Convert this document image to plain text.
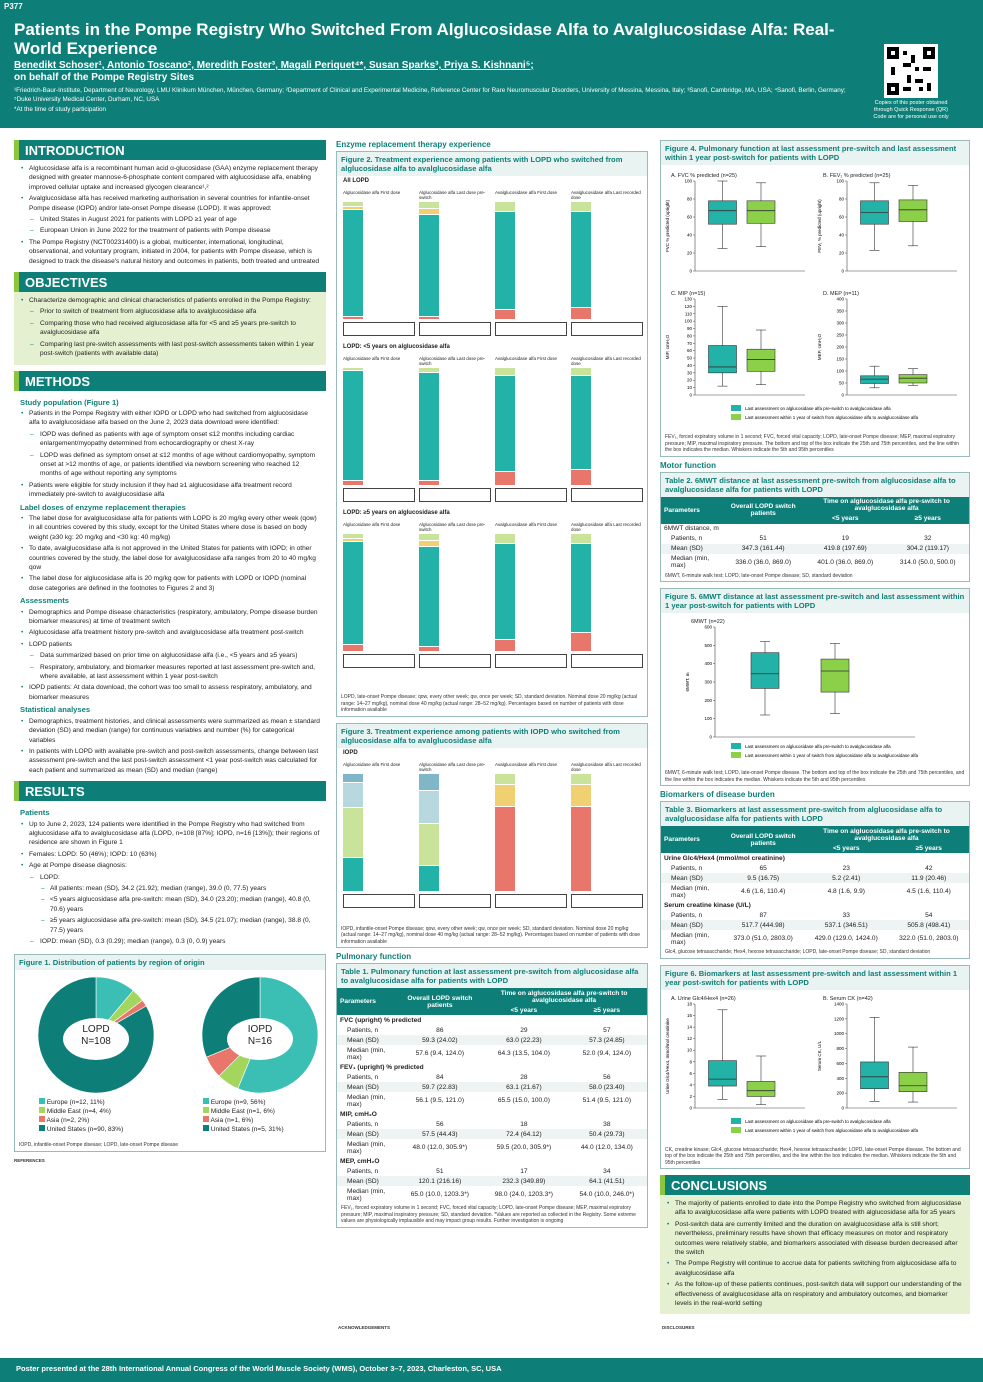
P377
Patients in the Pompe Registry Who Switched From Alglucosidase Alfa to Avalglucosidase Alfa: Real-World Experience
Benedikt Schoser¹, Antonio Toscano², Meredith Foster³, Magali Periquet⁴*, Susan Sparks³, Priya S. Kishnani⁵;
on behalf of the Pompe Registry Sites
¹Friedrich-Baur-Institute, Department of Neurology, LMU Klinikum München, München, Germany; ²Department of Clinical and Experimental Medicine, Reference Center for Rare Neuromuscular Disorders, University of Messina, Messina, Italy; ³Sanofi, Cambridge, MA, USA; ⁴Sanofi, Berlin, Germany; ⁵Duke University Medical Center, Durham, NC, USA
*At the time of study participation
Copies of this poster obtained through Quick Response (QR) Code are for personal use only
INTRODUCTION
• Alglucosidase alfa is a recombinant human acid α-glucosidase (GAA) enzyme replacement therapy designed with greater mannose-6-phosphate content compared with alglucosidase alfa, enabling improved cellular uptake and increased glycogen clearance¹,²
• Avalglucosidase alfa has received marketing authorisation in several countries for infantile-onset Pompe disease (IOPD) and/or late-onset Pompe disease (LOPD). It was approved:
– United States in August 2021 for patients with LOPD ≥1 year of age
– European Union in June 2022 for the treatment of patients with Pompe disease
• The Pompe Registry (NCT00231400) is a global, multicenter, international, longitudinal, observational, and voluntary program, initiated in 2004, for patients with Pompe disease, which is designed to track the disease's natural history and outcomes in patients, both treated and untreated
OBJECTIVES
• Characterize demographic and clinical characteristics of patients enrolled in the Pompe Registry:
– Prior to switch of treatment from alglucosidase alfa to avalglucosidase alfa
– Comparing those who had received alglucosidase alfa for <5 and ≥5 years pre-switch to avalglucosidase alfa
– Comparing last pre-switch assessments with last post-switch assessments taken within 1 year post-switch (patients with available data)
METHODS
Study population (Figure 1)
• Patients in the Pompe Registry with either IOPD or LOPD who had switched from alglucosidase alfa to avalglucosidase alfa based on the June 2, 2023 data download were identified:
– IOPD was defined as patients with age of symptom onset ≤12 months including cardiac enlargement/myopathy determined from echocardiography or chest X-ray
– LOPD was defined as symptom onset at ≤12 months of age without cardiomyopathy, symptom onset at >12 months of age, or patients identified via newborn screening who reached 12 months of age without reporting any symptoms
• Patients were eligible for study inclusion if they had ≥1 alglucosidase alfa treatment record immediately pre-switch to avalglucosidase alfa
Label doses of enzyme replacement therapies
• The label dose for avalglucosidase alfa for patients with LOPD is 20 mg/kg every other week (qow) in all countries covered by this study, except for the United States where dose is based on body weight (≥30 kg: 20 mg/kg and <30 kg: 40 mg/kg)
• To date, avalglucosidase alfa is not approved in the United States for patients with IOPD; in other countries covered by the study, the label dose for avalglucosidase alfa ranges from 20 to 40 mg/kg qow
• The label dose for alglucosidase alfa is 20 mg/kg qow for patients with LOPD or IOPD (nominal dose categories are defined in the footnotes to Figures 2 and 3)
Assessments
• Demographics and Pompe disease characteristics (respiratory, ambulatory, Pompe disease burden biomarker measures) at time of treatment switch
• Alglucosidase alfa treatment history pre-switch and avalglucosidase alfa treatment post-switch
• LOPD patients
– Data summarized based on prior time on alglucosidase alfa (i.e., <5 years and ≥5 years)
– Respiratory, ambulatory, and biomarker measures reported at last assessment pre-switch and, where available, at last assessment within 1 year post-switch
• IOPD patients: At data download, the cohort was too small to assess respiratory, ambulatory, and biomarker measures
Statistical analyses
• Demographics, treatment histories, and clinical assessments were summarized as mean ± standard deviation (SD) and median (range) for continuous variables and number (%) for categorical variables
• In patients with LOPD with available pre-switch and post-switch assessments, change between last assessment pre-switch and the last post-switch assessment <1 year post-switch was calculated for each patient and summarized as mean (SD) and median (range)
RESULTS
Patients
• Up to June 2, 2023, 124 patients were identified in the Pompe Registry who had switched from alglucosidase alfa to avalglucosidase alfa (LOPD, n=108 [87%]; IOPD, n=16 [13%]); their regions of residence are shown in Figure 1
• Females: LOPD: 50 (46%); IOPD: 10 (63%)
• Age at Pompe disease diagnosis:
– LOPD:
– All patients: mean (SD), 34.2 (21.92); median (range), 39.0 (0, 77.5) years
– <5 years alglucosidase alfa pre-switch: mean (SD), 34.0 (23.20); median (range), 40.8 (0, 70.6) years
– ≥5 years alglucosidase alfa pre-switch: mean (SD), 34.5 (21.07); median (range), 38.8 (0, 77.5) years
– IOPD: mean (SD), 0.3 (0.29); median (range), 0.3 (0, 0.9) years
Figure 1. Distribution of patients by region of origin
LOPD
N=108
IOPD
N=16
Europe (n=12, 11%)
Middle East (n=4, 4%)
Asia (n=2, 2%)
United States (n=90, 83%)
Europe (n=9, 56%)
Middle East (n=1, 6%)
Asia (n=1, 6%)
United States (n=5, 31%)
IOPD, infantile-onset Pompe disease; LOPD, late-onset Pompe disease
REFERENCES
Enzyme replacement therapy experience
Figure 2. Treatment experience among patients with LOPD who switched from alglucosidase alfa to avalglucosidase alfa
All LOPD
Alglucosidase alfa First dose	Alglucosidase alfa Last dose pre-switch
Avalglucosidase alfa First dose	Avalglucosidase alfa Last recorded dose
LOPD: <5 years on alglucosidase alfa
Alglucosidase alfa First dose	Alglucosidase alfa Last dose pre-switch
Avalglucosidase alfa First dose	Avalglucosidase alfa Last recorded dose
LOPD: ≥5 years on alglucosidase alfa
Alglucosidase alfa First dose	Alglucosidase alfa Last dose pre-switch
Avalglucosidase alfa First dose	Avalglucosidase alfa Last recorded dose
LOPD, late-onset Pompe disease; qow, every other week; qw, once per week; SD, standard deviation. Nominal dose 20 mg/kg (actual range: 14–27 mg/kg), nominal dose 40 mg/kg (actual range: 28–52 mg/kg). Percentages based on number of patients with dose information available
Figure 3. Treatment experience among patients with IOPD who switched from alglucosidase alfa to avalglucosidase alfa
IOPD
Alglucosidase alfa First dose	Alglucosidase alfa Last dose pre-switch
Avalglucosidase alfa First dose	Avalglucosidase alfa Last recorded dose
IOPD, infantile-onset Pompe disease; qow, every other week; qw, once per week; SD, standard deviation. Nominal dose 20 mg/kg (actual range: 14–27 mg/kg), nominal dose 40 mg/kg (actual range: 28–52 mg/kg). Percentages based on number of patients with dose information available
Pulmonary function
Table 1. Pulmonary function at last assessment pre-switch from alglucosidase alfa to avalglucosidase alfa for patients with LOPD
Parameters	Overall LOPD switch patients	Time on alglucosidase alfa pre-switch to avalglucosidase alfa	
		<5 years	≥5 years
FVC (upright) % predicted			
Patients, n	86	29	57
Mean (SD)	59.3 (24.02)	63.0 (22.23)	57.3 (24.85)
Median (min, max)	57.6 (9.4, 124.0)	64.3 (13.5, 104.0)	52.0 (9.4, 124.0)
FEV₁ (upright) % predicted			
Patients, n	84	28	56
Mean (SD)	59.7 (22.83)	63.1 (21.67)	58.0 (23.40)
Median (min, max)	56.1 (9.5, 121.0)	65.5 (15.0, 100.0)	51.4 (9.5, 121.0)
MIP, cmH₂O			
Patients, n	56	18	38
Mean (SD)	57.5 (44.43)	72.4 (64.12)	50.4 (29.73)
Median (min, max)	48.0 (12.0, 305.9*)	59.5 (20.0, 305.9*)	44.0 (12.0, 134.0)
MEP, cmH₂O			
Patients, n	51	17	34
Mean (SD)	120.1 (216.16)	232.3 (349.89)	64.1 (41.51)
Median (min, max)	65.0 (10.0, 1203.3*)	98.0 (24.0, 1203.3*)	54.0 (10.0, 246.0*)
FEV₁, forced expiratory volume in 1 second; FVC, forced vital capacity; LOPD, late-onset Pompe disease; MEP, maximal expiratory pressure; MIP, maximal inspiratory pressure; SD, standard deviation. *Values are reported as collected in the Registry. Some extreme values are physiologically implausible and may impact group results. Further investigation is ongoing
Figure 4. Pulmonary function at last assessment pre-switch and last assessment within 1 year post-switch for patients with LOPD
A. FVC % predicted (n=25)
FVC % predicted (upright)
0
20
40
60
80
100
B. FEV₁ % predicted (n=25)
FEV₁ % predicted (upright)
0
20
40
60
80
100
C. MIP (n=15)
MIP, cmH₂O
0
10
20
30
40
50
60
70
80
90
100
110
120
130
D. MEP (n=11)
MEP, cmH₂O
0
50
100
150
200
250
300
350
400
Last assessment on alglucosidase alfa pre-switch to avalglucosidase alfa
Last assessment within 1 year of switch from alglucosidase alfa to avalglucosidase alfa
FEV₁, forced expiratory volume in 1 second; FVC, forced vital capacity; LOPD, late-onset Pompe disease; MEP, maximal expiratory pressure; MIP, maximal inspiratory pressure. The bottom and top of the box indicate the 25th and 75th percentiles, and the line within the box indicates the median. Whiskers indicate the 5th and 95th percentiles
Motor function
Table 2. 6MWT distance at last assessment pre-switch from alglucosidase alfa to avalglucosidase alfa for patients with LOPD
Parameters	Overall LOPD switch patients	Time on alglucosidase alfa pre-switch to avalglucosidase alfa	
		<5 years	≥5 years
6MWT distance, m			
Patients, n	51	19	32
Mean (SD)	347.3 (161.44)	419.8 (197.69)	304.2 (119.17)
Median (min, max)	336.0 (36.0, 869.0)	401.0 (36.0, 869.0)	314.0 (50.0, 500.0)
6MWT, 6-minute walk test; LOPD, late-onset Pompe disease; SD, standard deviation
Figure 5. 6MWT distance at last assessment pre-switch and last assessment within 1 year post-switch for patients with LOPD
6MWT (n=22)
6MWT, m
0
100
200
300
400
500
600
Last assessment on alglucosidase alfa pre-switch to avalglucosidase alfa
Last assessment within 1 year of switch from alglucosidase alfa to avalglucosidase alfa
6MWT, 6-minute walk test; LOPD, late-onset Pompe disease. The bottom and top of the box indicate the 25th and 75th percentiles, and the line within the box indicates the median. Whiskers indicate the 5th and 95th percentiles
Biomarkers of disease burden
Table 3. Biomarkers at last assessment pre-switch from alglucosidase alfa to avalglucosidase alfa for patients with LOPD
Parameters	Overall LOPD switch patients	Time on alglucosidase alfa pre-switch to avalglucosidase alfa	
		<5 years	≥5 years
Urine Glc4/Hex4 (mmol/mol creatinine)			
Patients, n	65	23	42
Mean (SD)	9.5 (16.75)	5.2 (2.41)	11.9 (20.46)
Median (min, max)	4.6 (1.6, 110.4)	4.8 (1.6, 9.9)	4.5 (1.6, 110.4)
Serum creatine kinase (U/L)			
Patients, n	87	33	54
Mean (SD)	517.7 (444.98)	537.1 (346.51)	505.8 (498.41)
Median (min, max)	373.0 (51.0, 2803.0)	429.0 (129.0, 1424.0)	322.0 (51.0, 2803.0)
Glc4, glucose tetrasaccharide; Hex4, hexose tetrasaccharide; LOPD, late-onset Pompe disease; SD, standard deviation
Figure 6. Biomarkers at last assessment pre-switch and last assessment within 1 year post-switch for patients with LOPD
A. Urine Glc4/Hex4 (n=26)
Urine Glc4/Hex4, mmol/mol creatinine
0
2
4
6
8
10
12
14
16
18
B. Serum CK (n=42)
Serum CK, U/L
0
200
400
600
800
1000
1200
1400
Last assessment on alglucosidase alfa pre-switch to avalglucosidase alfa
Last assessment within 1 year of switch from alglucosidase alfa to avalglucosidase alfa
CK, creatine kinase; Glc4, glucose tetrasaccharide; Hex4, hexose tetrasaccharide; LOPD, late-onset Pompe disease. The bottom and top of the box indicate the 25th and 75th percentiles, and the line within the box indicates the median. Whiskers indicate the 5th and 95th percentiles
CONCLUSIONS
• The majority of patients enrolled to date into the Pompe Registry who switched from alglucosidase alfa to avalglucosidase alfa were patients with LOPD treated with alglucosidase alfa for ≥5 years
• Post-switch data are currently limited and the duration on avalglucosidase alfa is still short; nevertheless, preliminary results have shown that efficacy measures on motor and respiratory outcomes were relatively stable, and biomarkers associated with disease burden decreased after the switch
• The Pompe Registry will continue to accrue data for patients switching from alglucosidase alfa to avalglucosidase alfa
• As the follow-up of these patients continues, post-switch data will support our understanding of the effectiveness of avalglucosidase alfa on respiratory and ambulatory outcomes, and biomarker levels in the real-world setting
ACKNOWLEDGEMENTS	DISCLOSURES
Poster presented at the 28th International Annual Congress of the World Muscle Society (WMS), October 3–7, 2023, Charleston, SC, USA
